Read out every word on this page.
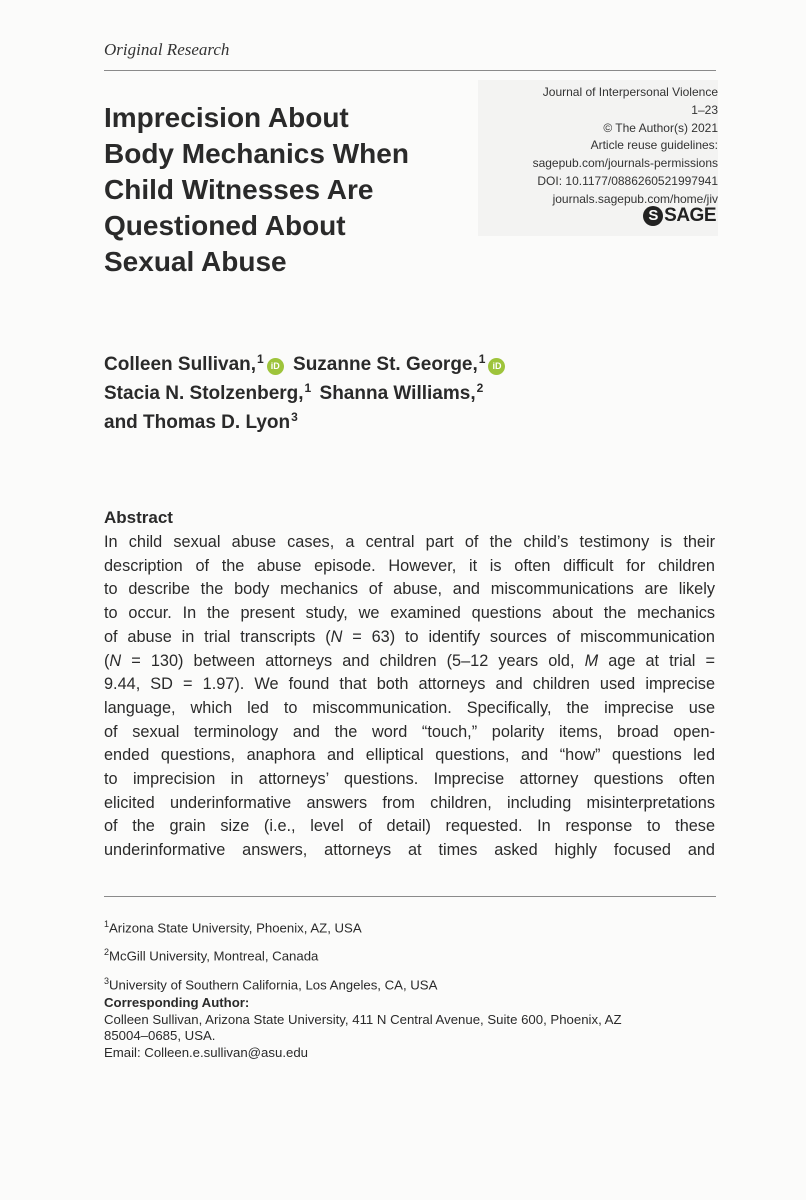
Original Research
Imprecision About
Body Mechanics When
Child Witnesses Are
Questioned About
Sexual Abuse
Journal of Interpersonal Violence
1–23
© The Author(s) 2021
Article reuse guidelines:
sagepub.com/journals-permissions
DOI: 10.1177/0886260521997941
journals.sagepub.com/home/jiv
S SAGE
Colleen Sullivan,$^1$iD Suzanne St. George,$^1$iD
Stacia N. Stolzenberg,$^1$ Shanna Williams,$^2$
and Thomas D. Lyon$^3$
Abstract
In child sexual abuse cases, a central part of the child’s testimony is their
description of the abuse episode. However, it is often difficult for children
to describe the body mechanics of abuse, and miscommunications are likely
to occur. In the present study, we examined questions about the mechanics
of abuse in trial transcripts (N = 63) to identify sources of miscommunication
(N = 130) between attorneys and children (5–12 years old, M age at trial =
9.44, SD = 1.97). We found that both attorneys and children used imprecise
language, which led to miscommunication. Specifically, the imprecise use
of sexual terminology and the word “touch,” polarity items, broad open-
ended questions, anaphora and elliptical questions, and “how” questions led
to imprecision in attorneys’ questions. Imprecise attorney questions often
elicited underinformative answers from children, including misinterpretations
of the grain size (i.e., level of detail) requested. In response to these
underinformative answers, attorneys at times asked highly focused and
$^1$Arizona State University, Phoenix, AZ, USA
$^2$McGill University, Montreal, Canada
$^3$University of Southern California, Los Angeles, CA, USA
Corresponding Author:
Colleen Sullivan, Arizona State University, 411 N Central Avenue, Suite 600, Phoenix, AZ
85004–0685, USA.
Email: Colleen.e.sullivan@asu.edu
